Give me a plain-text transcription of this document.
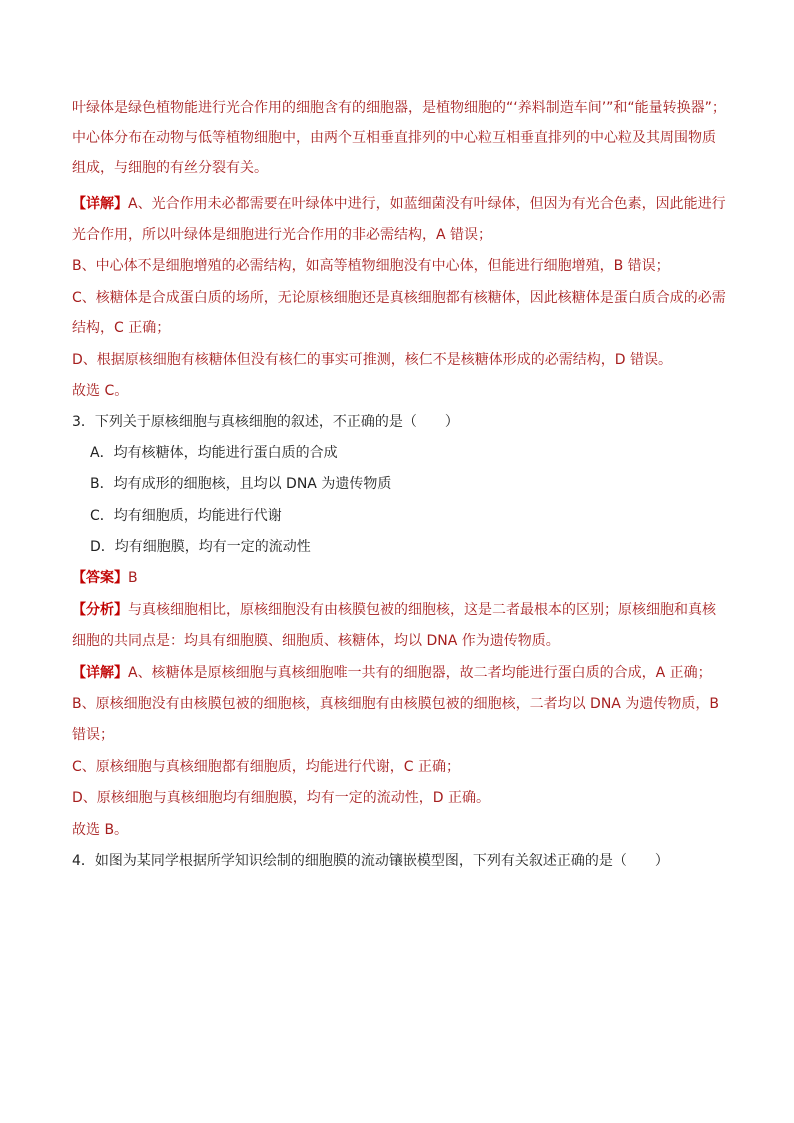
叶绿体是绿色植物能进行光合作用的细胞含有的细胞器，是植物细胞的“‘养料制造车间’”和“能量转换器”；
中心体分布在动物与低等植物细胞中，由两个互相垂直排列的中心粒互相垂直排列的中心粒及其周围物质
组成，与细胞的有丝分裂有关。
【详解】A、光合作用未必都需要在叶绿体中进行，如蓝细菌没有叶绿体，但因为有光合色素，因此能进行
光合作用，所以叶绿体是细胞进行光合作用的非必需结构，A 错误；
B、中心体不是细胞增殖的必需结构，如高等植物细胞没有中心体，但能进行细胞增殖，B 错误；
C、核糖体是合成蛋白质的场所，无论原核细胞还是真核细胞都有核糖体，因此核糖体是蛋白质合成的必需
结构，C 正确；
D、根据原核细胞有核糖体但没有核仁的事实可推测，核仁不是核糖体形成的必需结构，D 错误。
故选 C。
3．下列关于原核细胞与真核细胞的叙述，不正确的是（　　）
A．均有核糖体，均能进行蛋白质的合成
B．均有成形的细胞核，且均以 DNA 为遗传物质
C．均有细胞质，均能进行代谢
D．均有细胞膜，均有一定的流动性
【答案】B
【分析】与真核细胞相比，原核细胞没有由核膜包被的细胞核，这是二者最根本的区别；原核细胞和真核
细胞的共同点是：均具有细胞膜、细胞质、核糖体，均以 DNA 作为遗传物质。
【详解】A、核糖体是原核细胞与真核细胞唯一共有的细胞器，故二者均能进行蛋白质的合成，A 正确；
B、原核细胞没有由核膜包被的细胞核，真核细胞有由核膜包被的细胞核，二者均以 DNA 为遗传物质，B
错误；
C、原核细胞与真核细胞都有细胞质，均能进行代谢，C 正确；
D、原核细胞与真核细胞均有细胞膜，均有一定的流动性，D 正确。
故选 B。
4．如图为某同学根据所学知识绘制的细胞膜的流动镶嵌模型图，下列有关叙述正确的是（　　）
